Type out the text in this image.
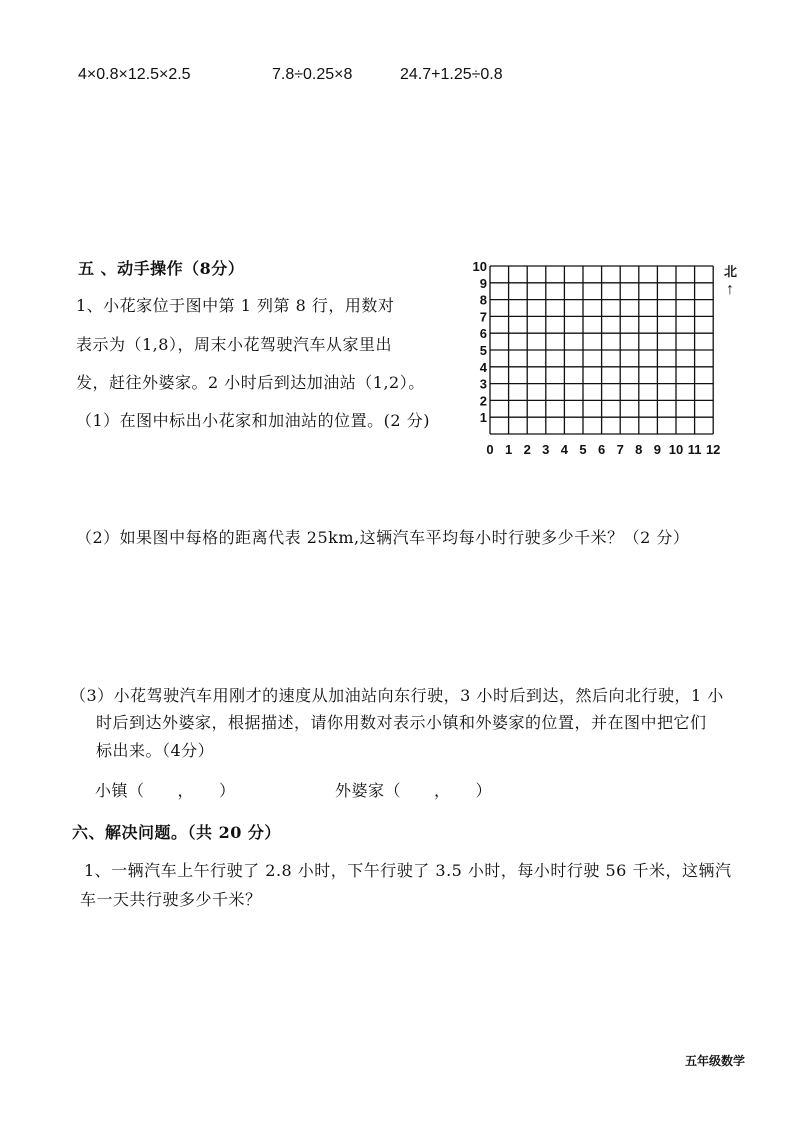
4×0.8×12.5×2.5	7.8÷0.25×8	24.7+1.25÷0.8
五 、动手操作（8分）
1、小花家位于图中第 1 列第 8 行，用数对
表示为（1,8），周末小花驾驶汽车从家里出
发，赶往外婆家。2 小时后到达加油站（1,2）。
（1）在图中标出小花家和加油站的位置。(2 分)
0 1 2 3 4 5 6 7 8 9 10 11 12
1
2
3
4
5
6
7
8
9
10	北
↑
（2）如果图中每格的距离代表 25km,这辆汽车平均每小时行驶多少千米？（2 分）
（3）小花驾驶汽车用刚才的速度从加油站向东行驶，3 小时后到达，然后向北行驶，1 小
时后到达外婆家，根据描述，请你用数对表示小镇和外婆家的位置，并在图中把它们
标出来。（4分）
小镇（　　，　　）	外婆家（　　，　　）
六、解决问题。（共 20 分）
1、一辆汽车上午行驶了 2.8 小时，下午行驶了 3.5 小时，每小时行驶 56 千米，这辆汽
车一天共行驶多少千米？
五年级数学
